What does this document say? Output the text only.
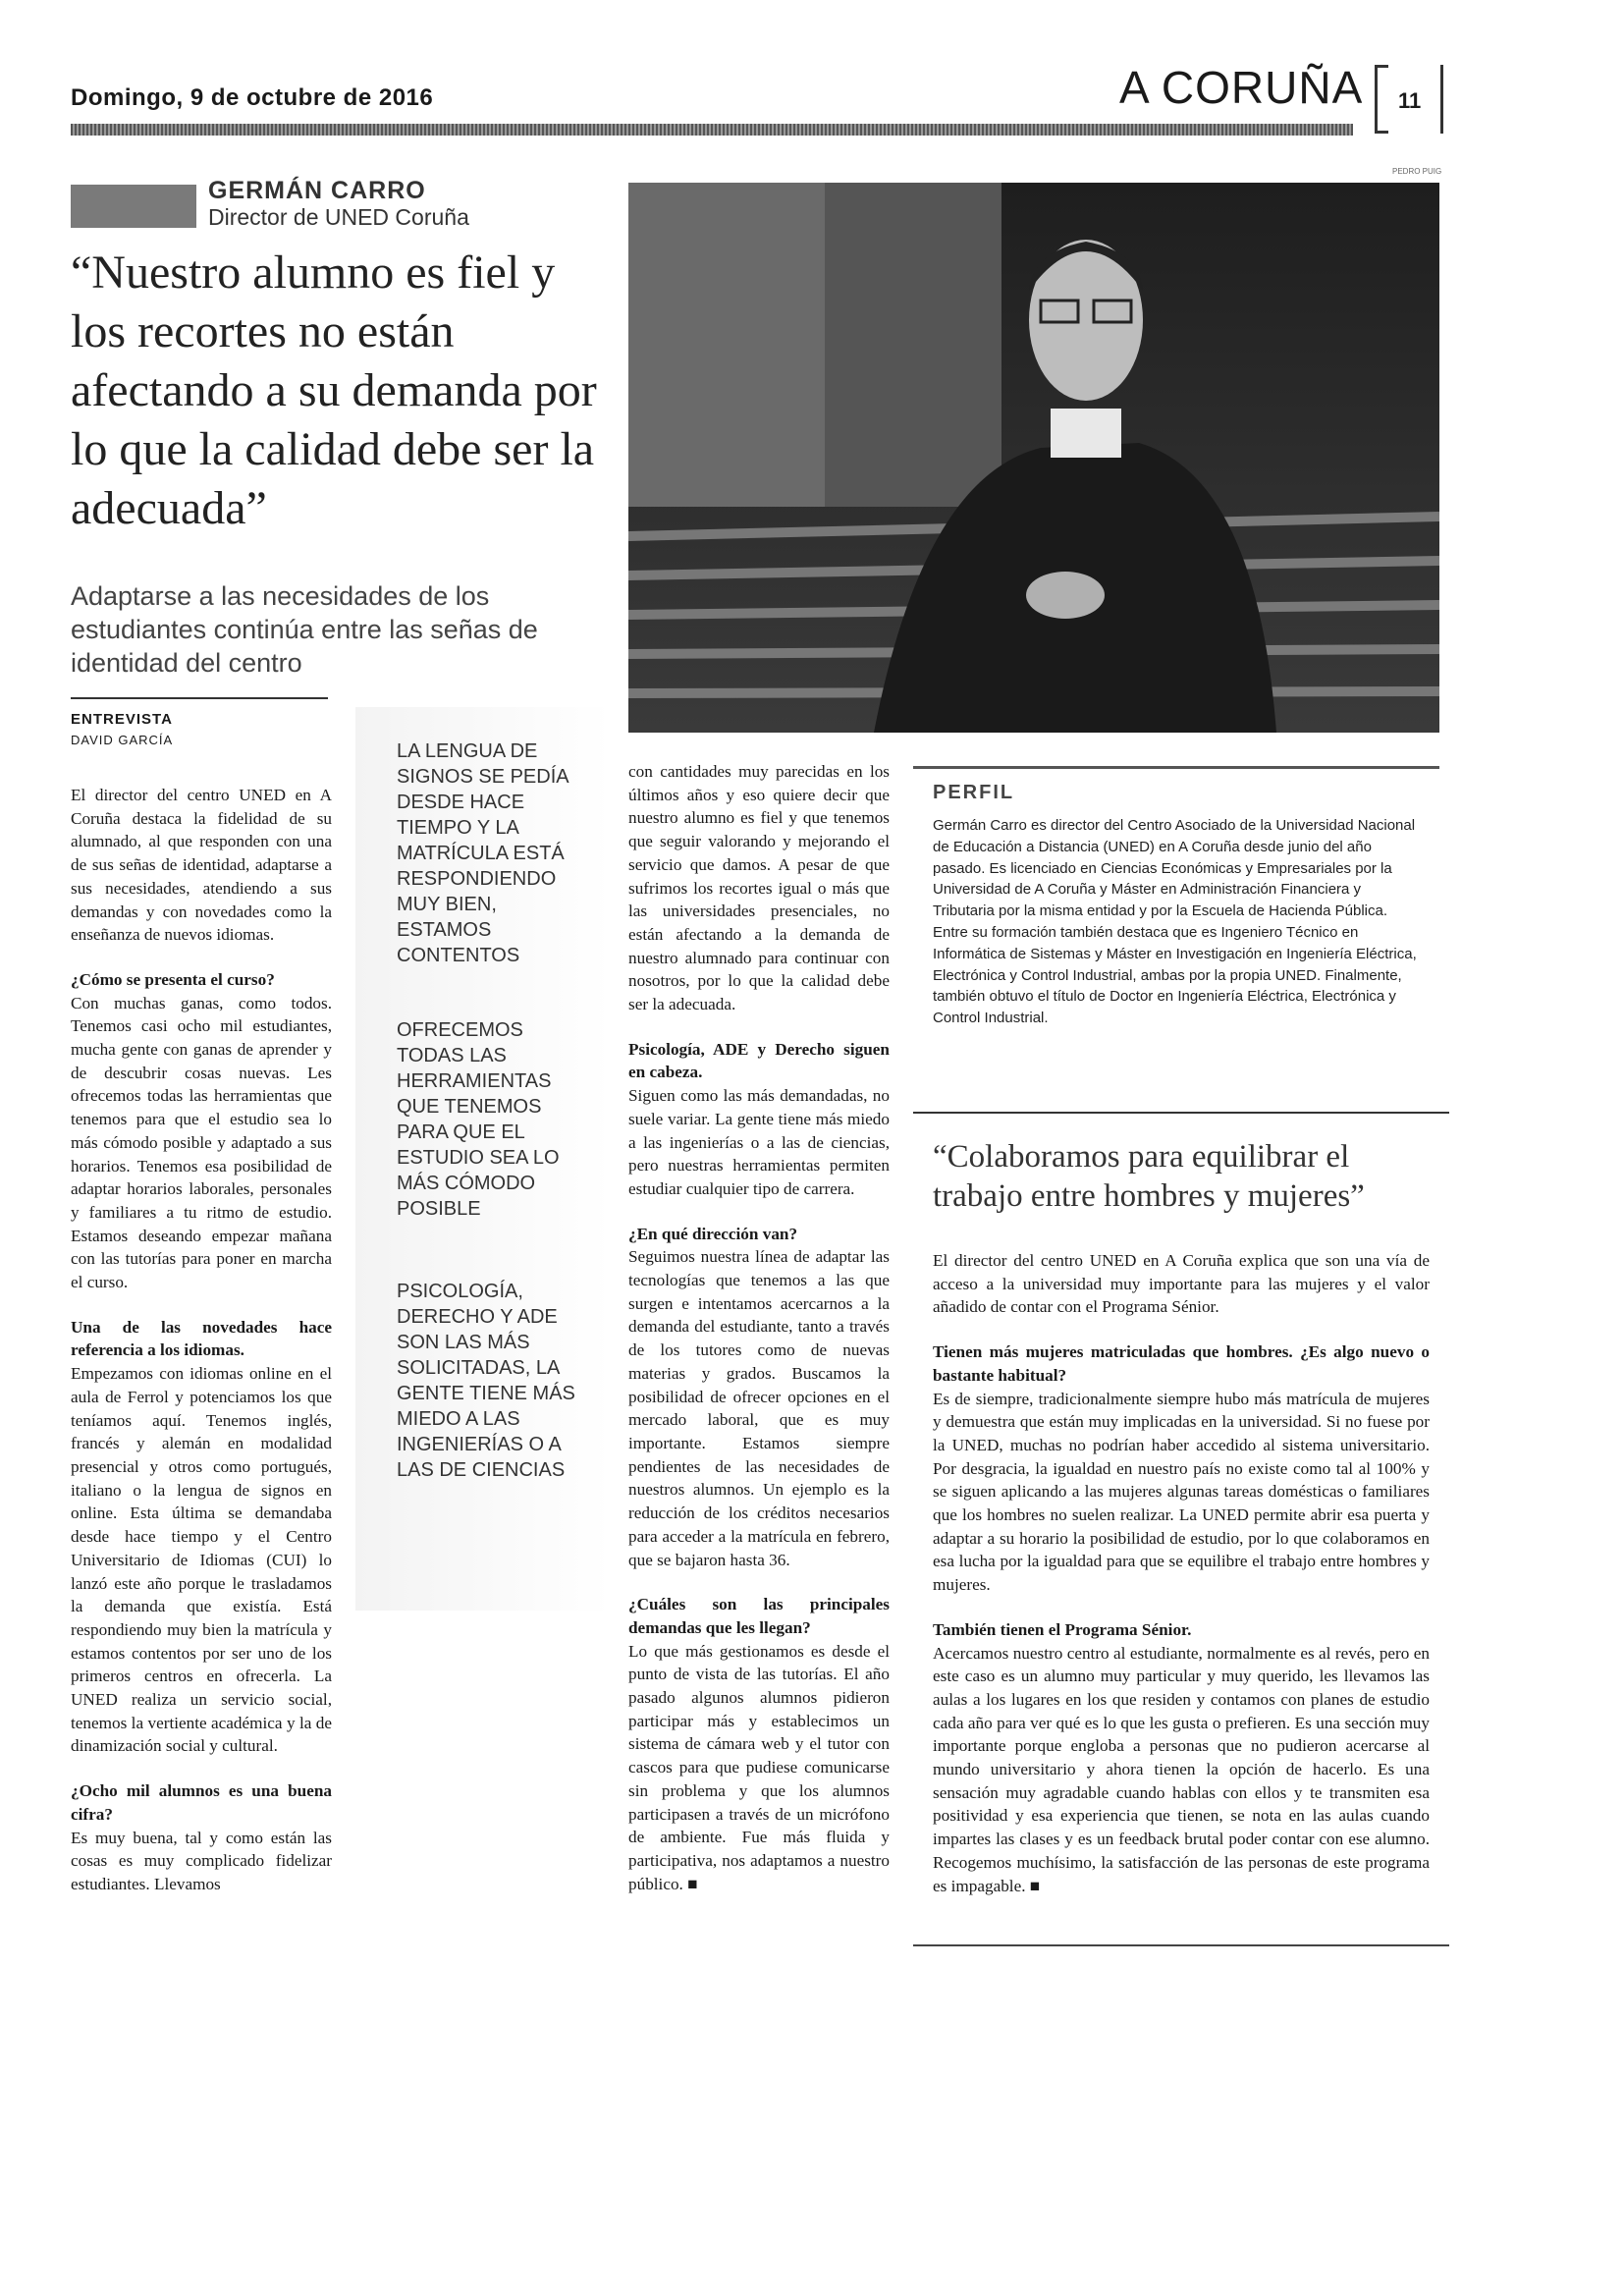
Domingo, 9 de octubre de 2016	A CORUÑA 11
GERMÁN CARRO
Director de UNED Coruña
“Nuestro alumno es fiel y los recortes no están afectando a su demanda por lo que la calidad debe ser la adecuada”
Adaptarse a las necesidades de los estudiantes continúa entre las señas de identidad del centro
PEDRO PUIG
ENTREVISTA
DAVID GARCÍA

El director del centro UNED en A Coruña destaca la fidelidad de su alumnado, al que responden con una de sus señas de identidad, adaptarse a sus necesidades, atendiendo a sus demandas y con novedades como la enseñanza de nuevos idiomas.

¿Cómo se presenta el curso?
Con muchas ganas, como todos. Tenemos casi ocho mil estudiantes, mucha gente con ganas de aprender y de descubrir cosas nuevas. Les ofrecemos todas las herramientas que tenemos para que el estudio sea lo más cómodo posible y adaptado a sus horarios. Tenemos esa posibilidad de adaptar horarios laborales, personales y familiares a tu ritmo de estudio. Estamos deseando empezar mañana con las tutorías para poner en marcha el curso.

Una de las novedades hace referencia a los idiomas.
Empezamos con idiomas online en el aula de Ferrol y potenciamos los que teníamos aquí. Tenemos inglés, francés y alemán en modalidad presencial y otros como portugués, italiano o la lengua de signos en online. Esta última se demandaba desde hace tiempo y el Centro Universitario de Idiomas (CUI) lo lanzó este año porque le trasladamos la demanda que existía. Está respondiendo muy bien la matrícula y estamos contentos por ser uno de los primeros centros en ofrecerla. La UNED realiza un servicio social, tenemos la vertiente académica y la de dinamización social y cultural.

¿Ocho mil alumnos es una buena cifra?
Es muy buena, tal y como están las cosas es muy complicado fidelizar estudiantes. Llevamos

LA LENGUA DE SIGNOS SE PEDÍA DESDE HACE TIEMPO Y LA MATRÍCULA ESTÁ RESPONDIENDO MUY BIEN, ESTAMOS CONTENTOS
OFRECEMOS TODAS LAS HERRAMIENTAS QUE TENEMOS PARA QUE EL ESTUDIO SEA LO MÁS CÓMODO POSIBLE
PSICOLOGÍA, DERECHO Y ADE SON LAS MÁS SOLICITADAS, LA GENTE TIENE MÁS MIEDO A LAS INGENIERÍAS O A LAS DE CIENCIAS

con cantidades muy parecidas en los últimos años y eso quiere decir que nuestro alumno es fiel y que tenemos que seguir valorando y mejorando el servicio que damos. A pesar de que sufrimos los recortes igual o más que las universidades presenciales, no están afectando a la demanda de nuestro alumnado para continuar con nosotros, por lo que la calidad debe ser la adecuada.

Psicología, ADE y Derecho siguen en cabeza.
Siguen como las más demandadas, no suele variar. La gente tiene más miedo a las ingenierías o a las de ciencias, pero nuestras herramientas permiten estudiar cualquier tipo de carrera.

¿En qué dirección van?
Seguimos nuestra línea de adaptar las tecnologías que tenemos a las que surgen e intentamos acercarnos a la demanda del estudiante, tanto a través de los tutores como de nuevas materias y grados. Buscamos la posibilidad de ofrecer opciones en el mercado laboral, que es muy importante. Estamos siempre pendientes de las necesidades de nuestros alumnos. Un ejemplo es la reducción de los créditos necesarios para acceder a la matrícula en febrero, que se bajaron hasta 36.

¿Cuáles son las principales demandas que les llegan?
Lo que más gestionamos es desde el punto de vista de las tutorías. El año pasado algunos alumnos pidieron participar más y establecimos un sistema de cámara web y el tutor con cascos para que pudiese comunicarse sin problema y que los alumnos participasen a través de un micrófono de ambiente. Fue más fluida y participativa, nos adaptamos a nuestro público. ■

PERFIL
Germán Carro es director del Centro Asociado de la Universidad Nacional de Educación a Distancia (UNED) en A Coruña desde junio del año pasado. Es licenciado en Ciencias Económicas y Empresariales por la Universidad de A Coruña y Máster en Administración Financiera y Tributaria por la misma entidad y por la Escuela de Hacienda Pública. Entre su formación también destaca que es Ingeniero Técnico en Informática de Sistemas y Máster en Investigación en Ingeniería Eléctrica, Electrónica y Control Industrial, ambas por la propia UNED. Finalmente, también obtuvo el título de Doctor en Ingeniería Eléctrica, Electrónica y Control Industrial.
“Colaboramos para equilibrar el trabajo entre hombres y mujeres”

El director del centro UNED en A Coruña explica que son una vía de acceso a la universidad muy importante para las mujeres y el valor añadido de contar con el Programa Sénior.

Tienen más mujeres matriculadas que hombres. ¿Es algo nuevo o bastante habitual?
Es de siempre, tradicionalmente siempre hubo más matrícula de mujeres y demuestra que están muy implicadas en la universidad. Si no fuese por la UNED, muchas no podrían haber accedido al sistema universitario. Por desgracia, la igualdad en nuestro país no existe como tal al 100% y se siguen aplicando a las mujeres algunas tareas domésticas o familiares que los hombres no suelen realizar. La UNED permite abrir esa puerta y adaptar a su horario la posibilidad de estudio, por lo que colaboramos en esa lucha por la igualdad para que se equilibre el trabajo entre hombres y mujeres.

También tienen el Programa Sénior.
Acercamos nuestro centro al estudiante, normalmente es al revés, pero en este caso es un alumno muy particular y muy querido, les llevamos las aulas a los lugares en los que residen y contamos con planes de estudio cada año para ver qué es lo que les gusta o prefieren. Es una sección muy importante porque engloba a personas que no pudieron acercarse al mundo universitario y ahora tienen la opción de hacerlo. Es una sensación muy agradable cuando hablas con ellos y te transmiten esa positividad y esa experiencia que tienen, se nota en las aulas cuando impartes las clases y es un feedback brutal poder contar con ese alumno. Recogemos muchísimo, la satisfacción de las personas de este programa es impagable. ■
